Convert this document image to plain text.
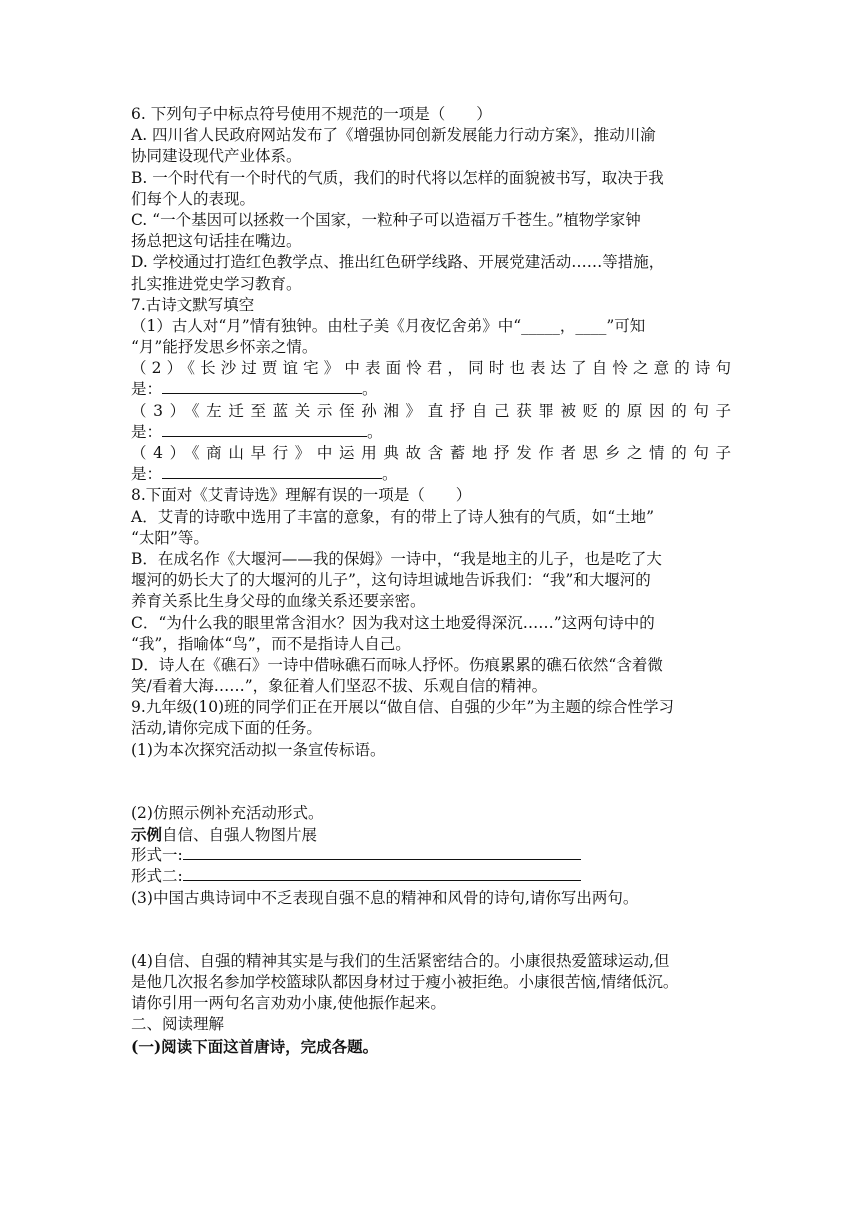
6. 下列句子中标点符号使用不规范的一项是（　　）
A. 四川省人民政府网站发布了《增强协同创新发展能力行动方案》，推动川渝
协同建设现代产业体系。
B. 一个时代有一个时代的气质，我们的时代将以怎样的面貌被书写，取决于我
们每个人的表现。
C. “一个基因可以拯救一个国家，一粒种子可以造福万千苍生。”植物学家钟
扬总把这句话挂在嘴边。
D. 学校通过打造红色教学点、推出红色研学线路、开展党建活动……等措施，
扎实推进党史学习教育。
7.古诗文默写填空
（1）古人对“月”情有独钟。由杜子美《月夜忆舍弟》中“_____，____”可知
“月”能抒发思乡怀亲之情。
（2）《长沙过贾谊宅》中表面怜君，同时也表达了自怜之意的诗句
是：	。
（3）《左迁至蓝关示侄孙湘》直抒自己获罪被贬的原因的句子
是：	。
（4）《商山早行》中运用典故含蓄地抒发作者思乡之情的句子
是：	。
8.下面对《艾青诗选》理解有误的一项是（　　）
A．艾青的诗歌中选用了丰富的意象，有的带上了诗人独有的气质，如“土地”
“太阳”等。
B．在成名作《大堰河——我的保姆》一诗中，“我是地主的儿子，也是吃了大
堰河的奶长大了的大堰河的儿子”，这句诗坦诚地告诉我们：“我”和大堰河的
养育关系比生身父母的血缘关系还要亲密。
C．“为什么我的眼里常含泪水？因为我对这土地爱得深沉……”这两句诗中的
“我”，指喻体“鸟”，而不是指诗人自己。
D．诗人在《礁石》一诗中借咏礁石而咏人抒怀。伤痕累累的礁石依然“含着微
笑/看着大海……”，象征着人们坚忍不拔、乐观自信的精神。
9.九年级(10)班的同学们正在开展以“做自信、自强的少年”为主题的综合性学习
活动,请你完成下面的任务。
(1)为本次探究活动拟一条宣传标语。
(2)仿照示例补充活动形式。
示例自信、自强人物图片展
形式一:
形式二:
(3)中国古典诗词中不乏表现自强不息的精神和风骨的诗句,请你写出两句。
(4)自信、自强的精神其实是与我们的生活紧密结合的。小康很热爱篮球运动,但
是他几次报名参加学校篮球队都因身材过于瘦小被拒绝。小康很苦恼,情绪低沉。
请你引用一两句名言劝劝小康,使他振作起来。
二、阅读理解
(一)阅读下面这首唐诗，完成各题。
